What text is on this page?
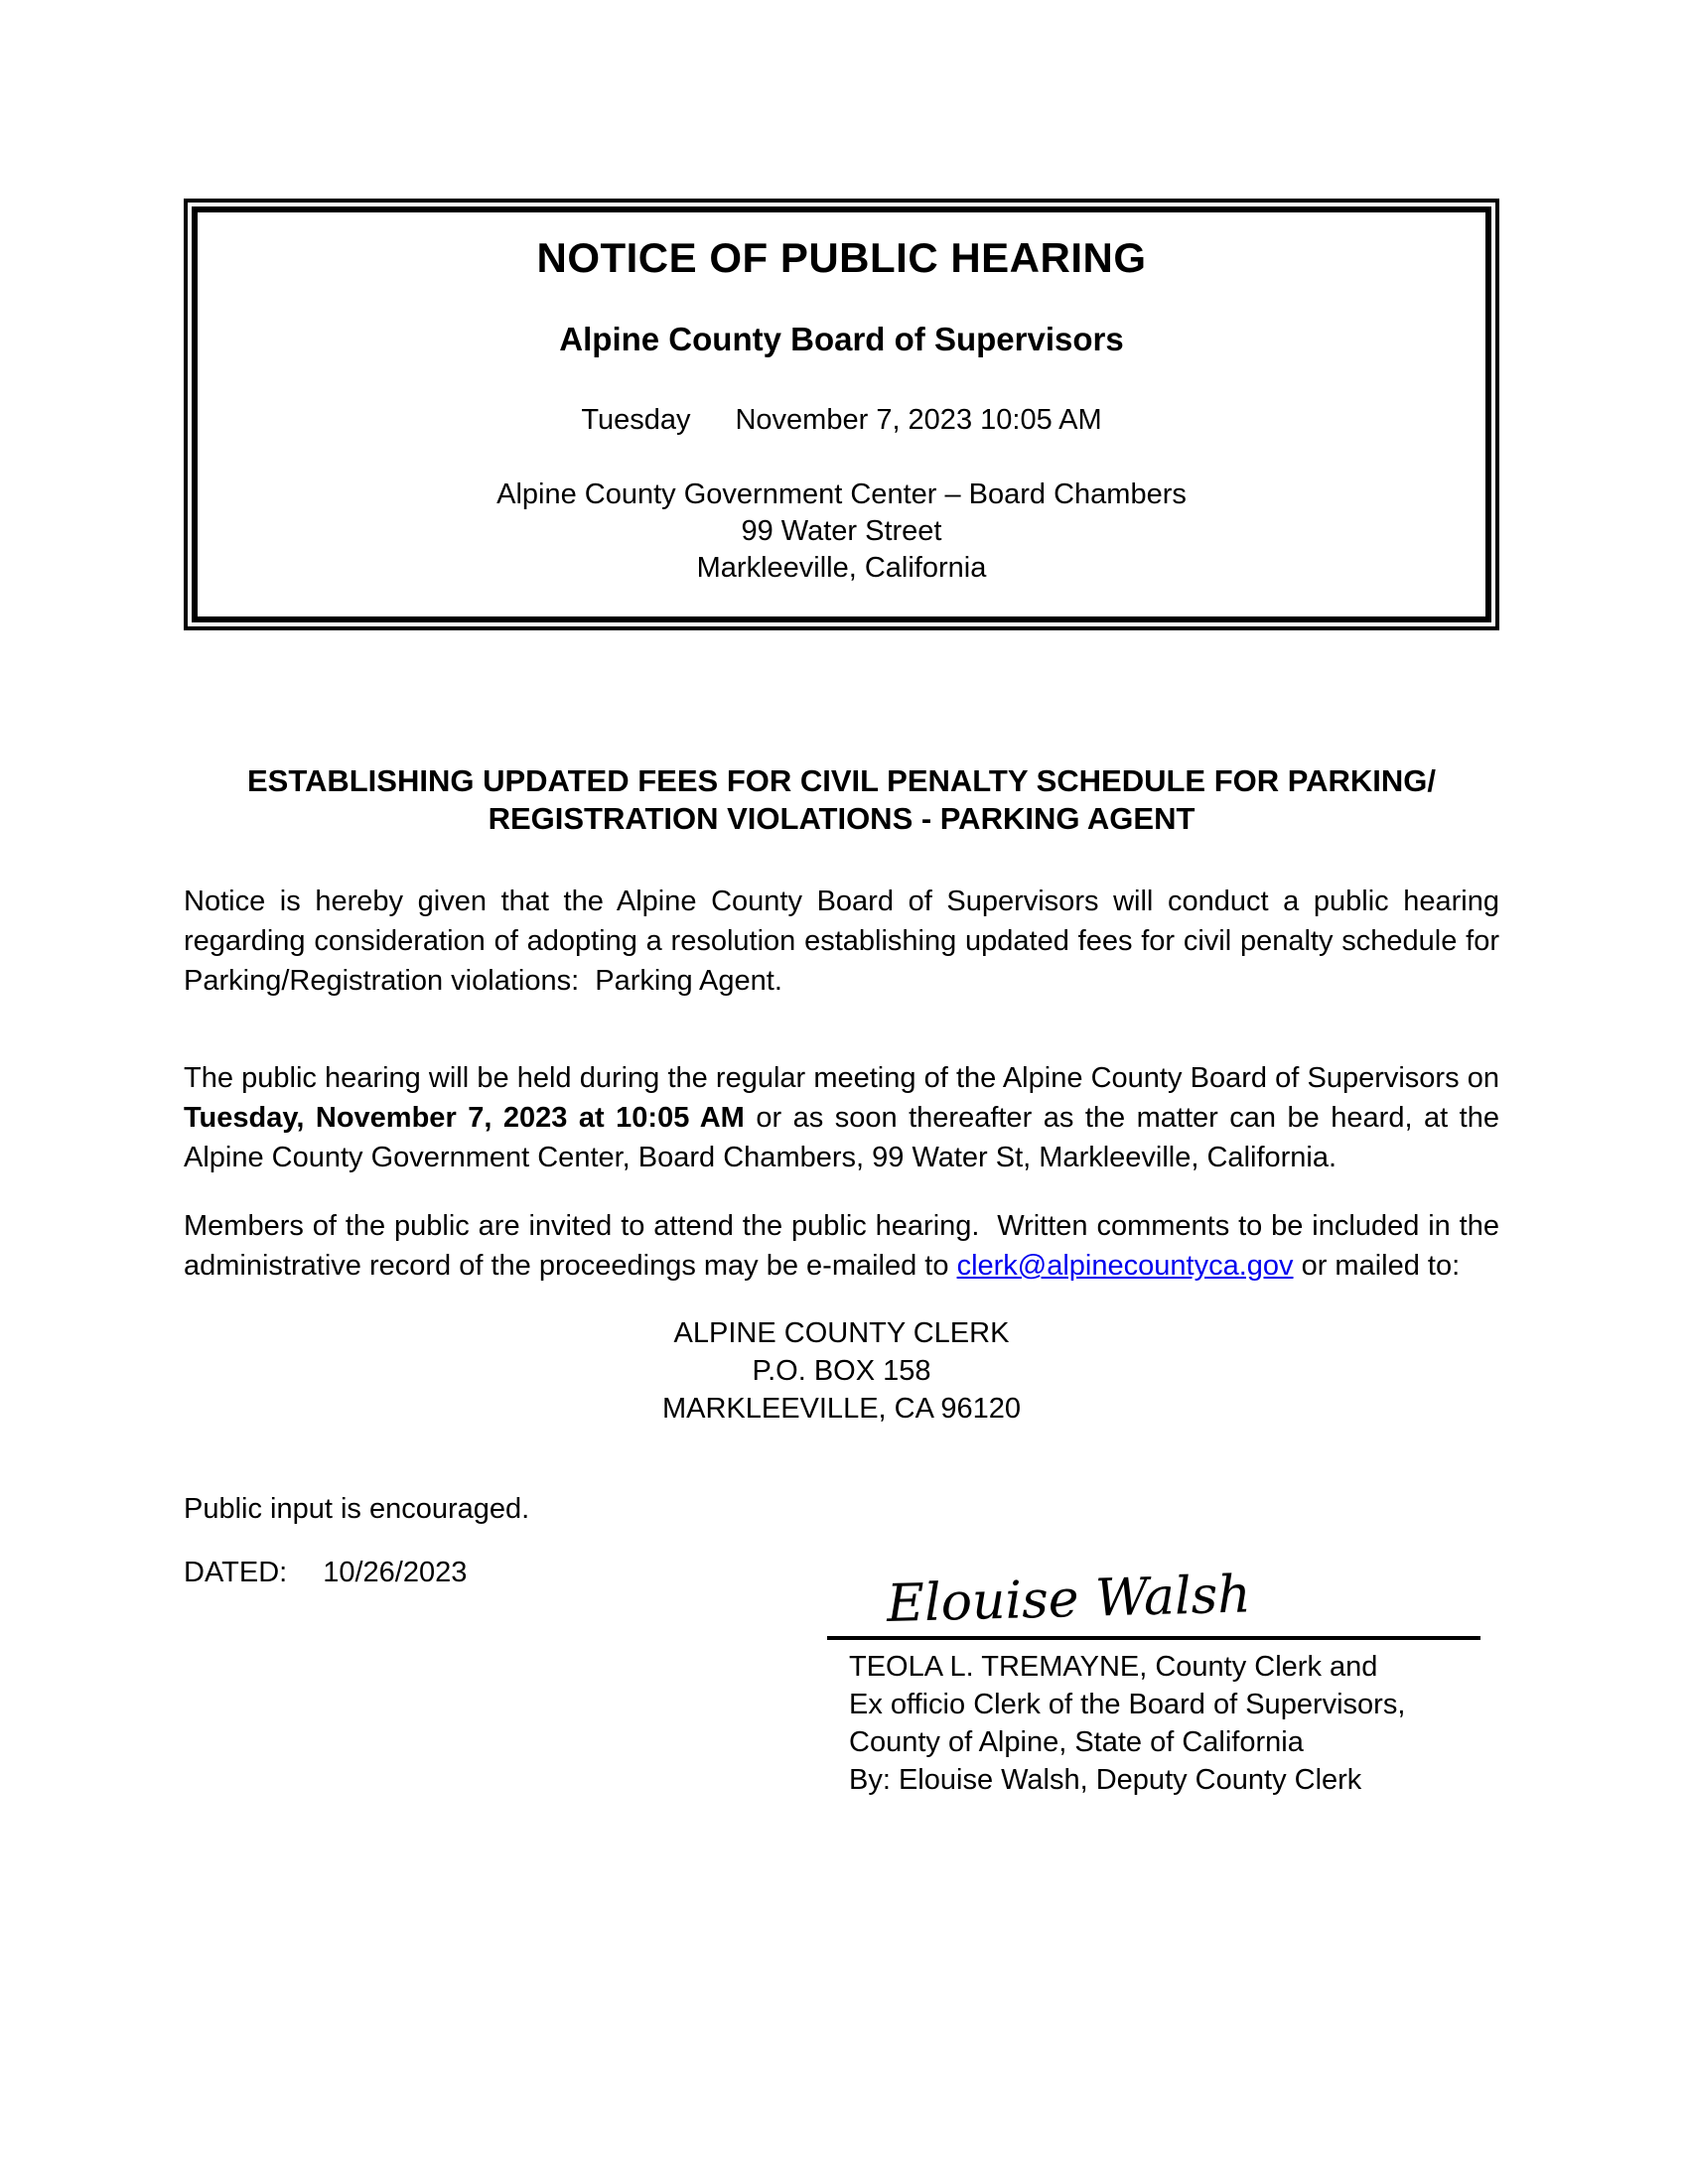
NOTICE OF PUBLIC HEARING
Alpine County Board of Supervisors
Tuesday November 7, 2023 10:05 AM
Alpine County Government Center – Board Chambers
99 Water Street
Markleeville, California
ESTABLISHING UPDATED FEES FOR CIVIL PENALTY SCHEDULE FOR PARKING/
REGISTRATION VIOLATIONS - PARKING AGENT

Notice is hereby given that the Alpine County Board of Supervisors will conduct a public hearing regarding consideration of adopting a resolution establishing updated fees for civil penalty schedule for Parking/Registration violations:  Parking Agent.

The public hearing will be held during the regular meeting of the Alpine County Board of Supervisors on Tuesday, November 7, 2023 at 10:05 AM or as soon thereafter as the matter can be heard, at the Alpine County Government Center, Board Chambers, 99 Water St, Markleeville, California.

Members of the public are invited to attend the public hearing.  Written comments to be included in the administrative record of the proceedings may be e-mailed to clerk@alpinecountyca.gov or mailed to:

ALPINE COUNTY CLERK
P.O. BOX 158
MARKLEEVILLE, CA 96120
Public input is encouraged.
DATED: 10/26/2023	Elouise Walsh
TEOLA L. TREMAYNE, County Clerk and
Ex officio Clerk of the Board of Supervisors,
County of Alpine, State of California
By: Elouise Walsh, Deputy County Clerk
